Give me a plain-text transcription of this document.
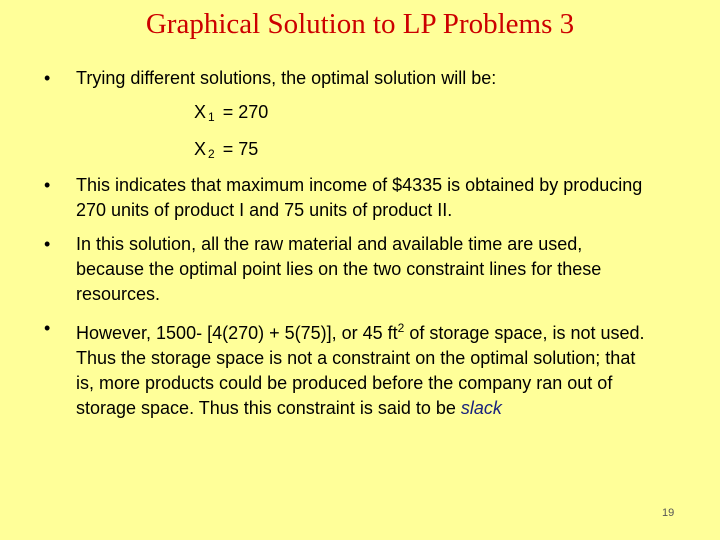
Graphical Solution to LP Problems 3
• Trying different solutions, the optimal solution will be:
X $_1$ = 270
X $_2$ = 75
• This indicates that maximum income of $4335 is obtained by producing
270 units of product I and 75 units of product II.
• In this solution, all the raw material and available time are used,
because the optimal point lies on the two constraint lines for these
resources.
• However, 1500- [4(270) + 5(75)], or 45 $ft^2$ of storage space, is not used.
Thus the storage space is not a constraint on the optimal solution; that
is, more products could be produced before the company ran out of
storage space. Thus this constraint is said to be slack
19
